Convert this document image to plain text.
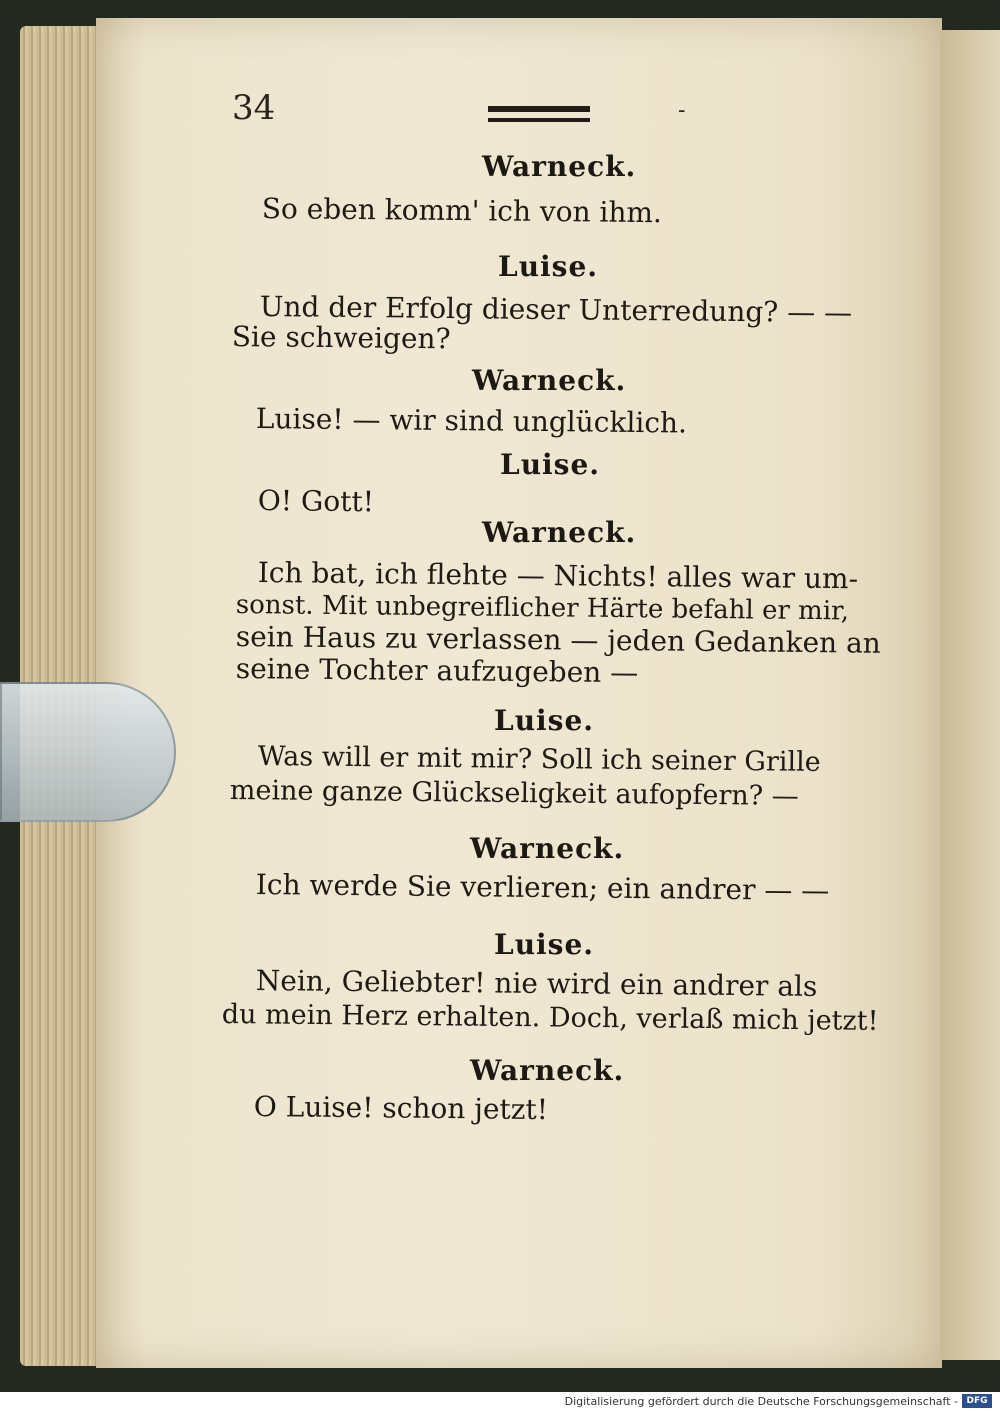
34	-
Warneck.
So eben komm' ich von ihm.
Luise.
Und der Erfolg dieser Unterredung? — —
Sie schweigen?
Warneck.
Luise! — wir sind unglücklich.
Luise.
O! Gott!
Warneck.
Ich bat, ich flehte — Nichts! alles war um-
sonst. Mit unbegreiflicher Härte befahl er mir,
sein Haus zu verlassen — jeden Gedanken an
seine Tochter aufzugeben —
Luise.
Was will er mit mir? Soll ich seiner Grille
meine ganze Glückseligkeit aufopfern? —
Warneck.
Ich werde Sie verlieren; ein andrer — —
Luise.
Nein, Geliebter! nie wird ein andrer als
du mein Herz erhalten. Doch, verlaß mich jetzt!
Warneck.
O Luise! schon jetzt!
Digitalisierung gefördert durch die Deutsche Forschungsgemeinschaft - DFG
